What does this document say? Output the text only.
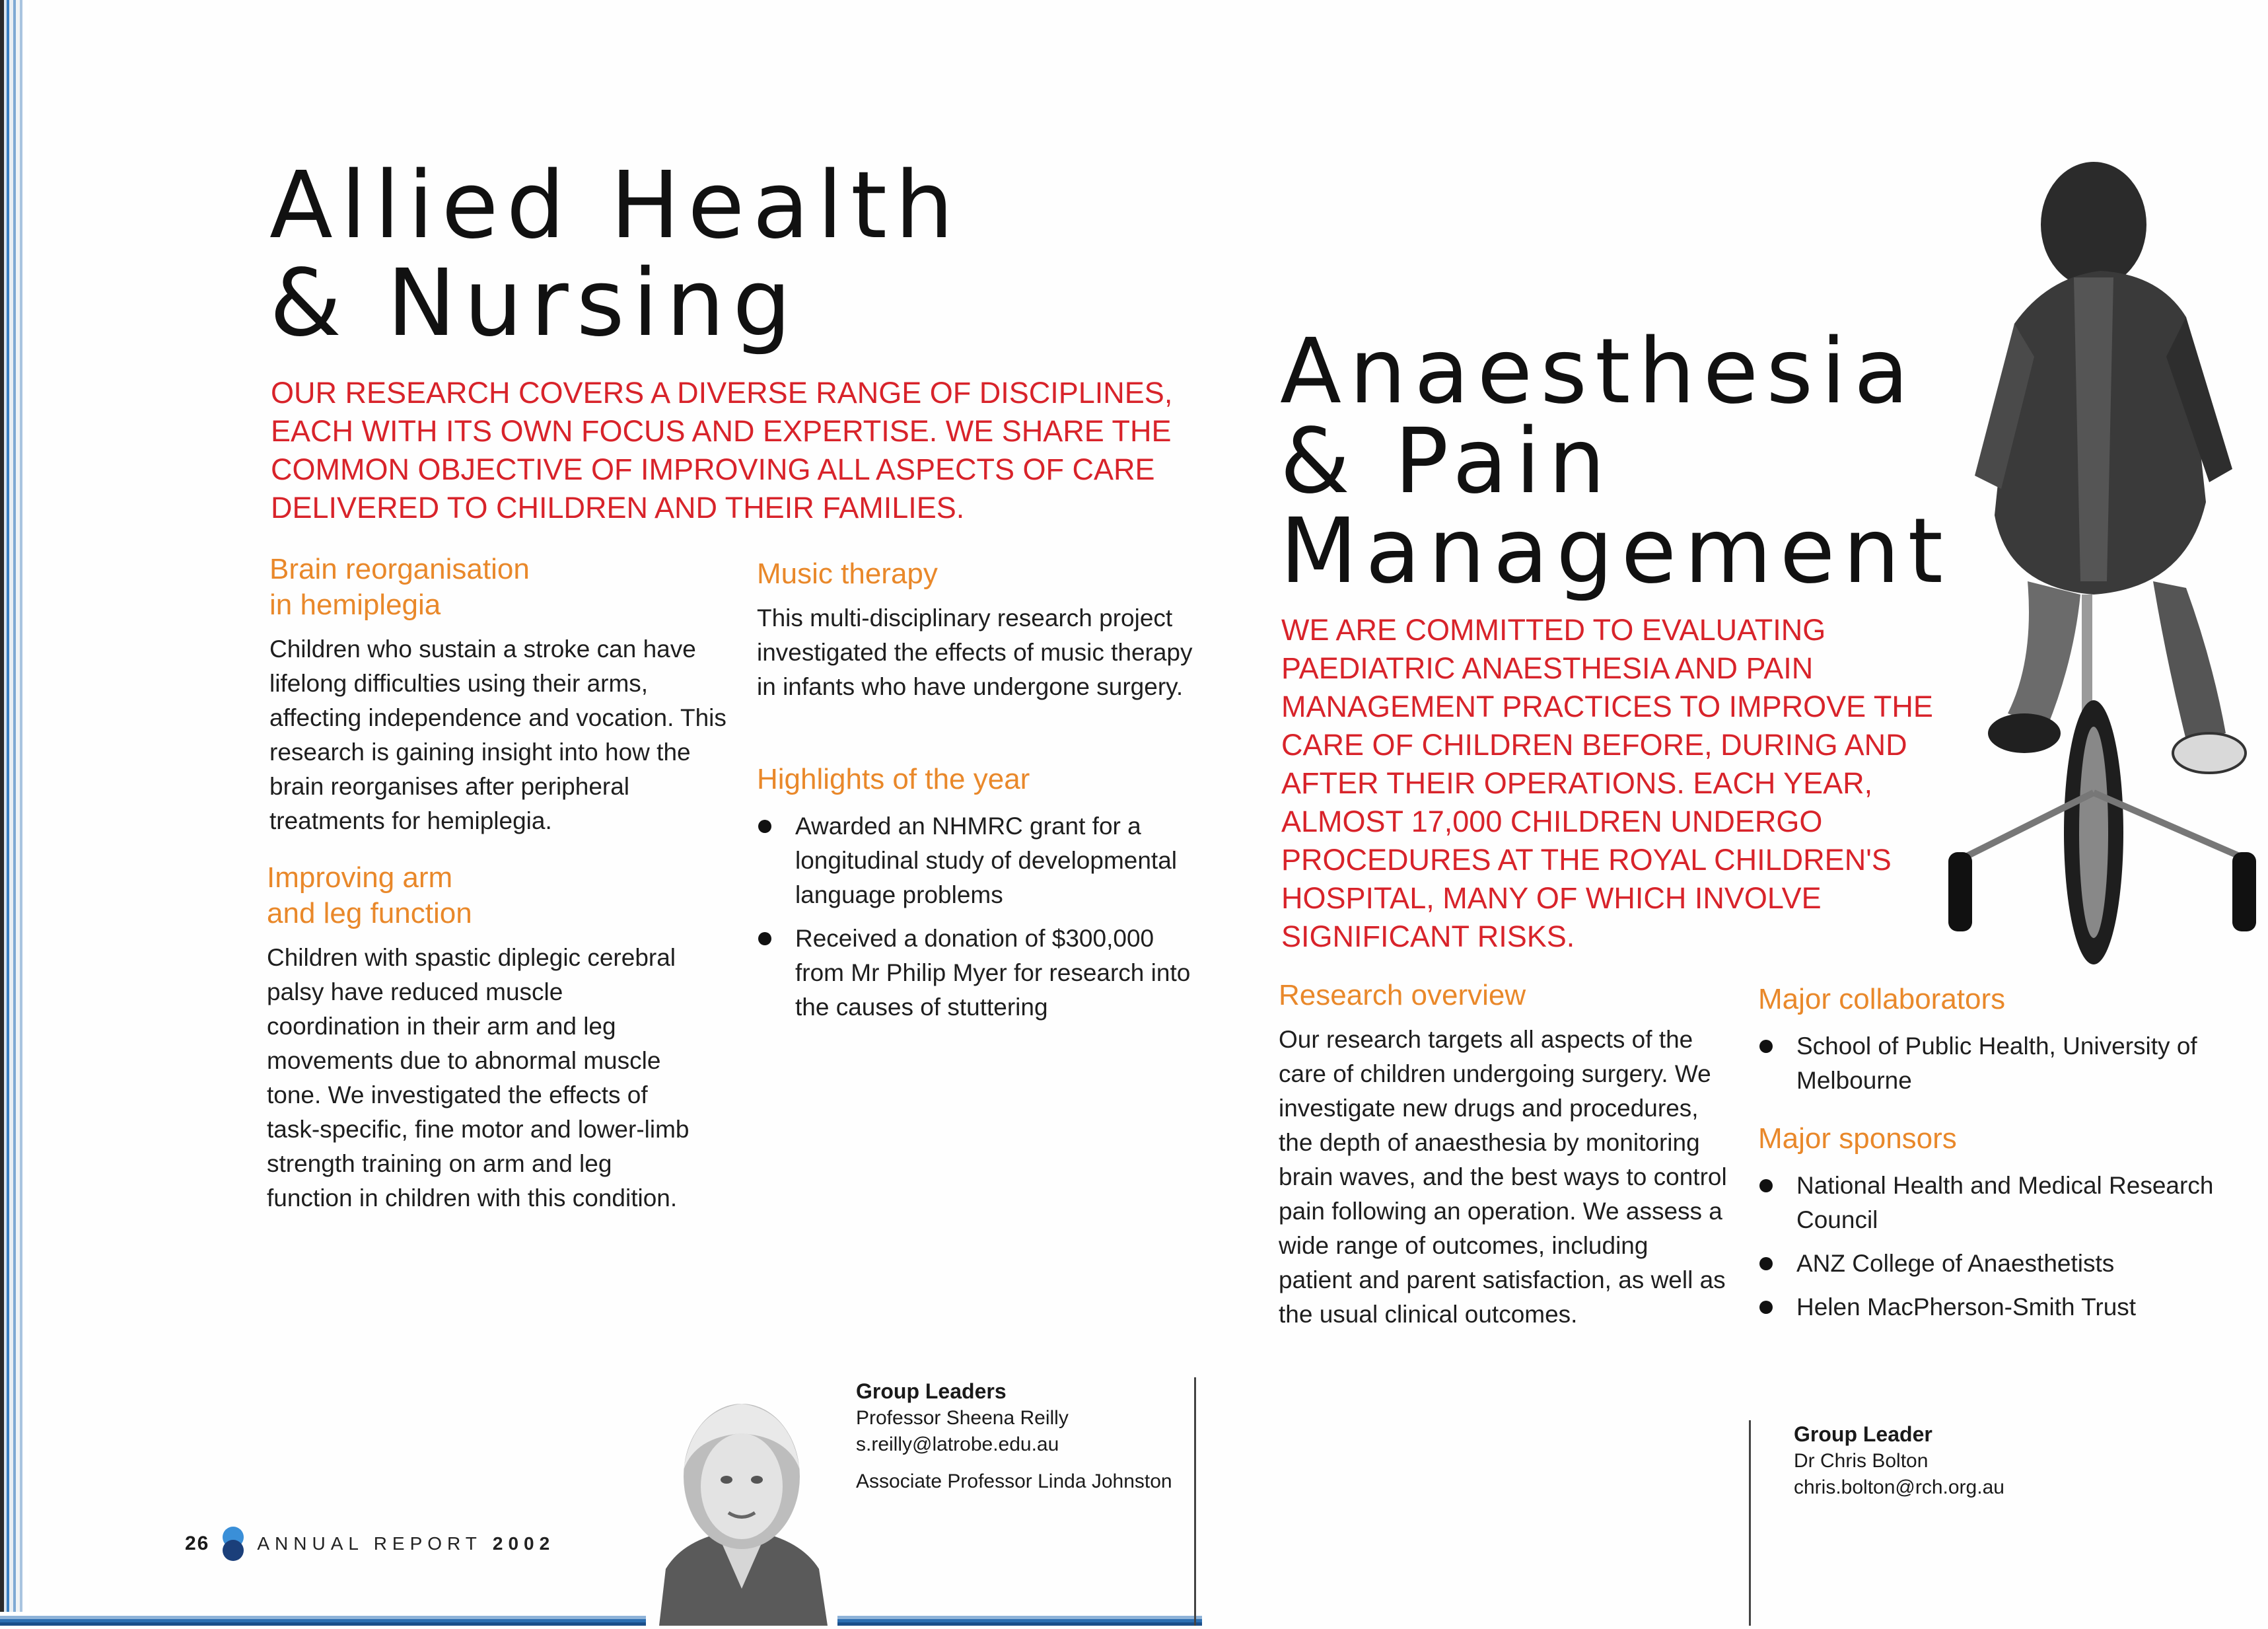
Allied Health
& Nursing

OUR RESEARCH COVERS A DIVERSE RANGE OF DISCIPLINES, EACH WITH ITS OWN FOCUS AND EXPERTISE. WE SHARE THE COMMON OBJECTIVE OF IMPROVING ALL ASPECTS OF CARE DELIVERED TO CHILDREN AND THEIR FAMILIES.

Brain reorganisation
in hemiplegia

Children who sustain a stroke can have lifelong difficulties using their arms, affecting independence and vocation. This research is gaining insight into how the brain reorganises after peripheral treatments for hemiplegia.

Improving arm
and leg function

Children with spastic diplegic cerebral palsy have reduced muscle coordination in their arm and leg movements due to abnormal muscle tone. We investigated the effects of task-specific, fine motor and lower-limb strength training on arm and leg function in children with this condition.

Music therapy

This multi-disciplinary research project investigated the effects of music therapy in infants who have undergone surgery.

Highlights of the year
Awarded an NHMRC grant for a longitudinal study of developmental language problems
Received a donation of $300,000 from Mr Philip Myer for research into the causes of stuttering

Group Leaders

Professor Sheena Reilly

s.reilly@latrobe.edu.au

Associate Professor Linda Johnston

26	ANNUAL REPORT 2002
Anaesthesia
& Pain
Management

WE ARE COMMITTED TO EVALUATING PAEDIATRIC ANAESTHESIA AND PAIN MANAGEMENT PRACTICES TO IMPROVE THE CARE OF CHILDREN BEFORE, DURING AND AFTER THEIR OPERATIONS. EACH YEAR, ALMOST 17,000 CHILDREN UNDERGO PROCEDURES AT THE ROYAL CHILDREN'S HOSPITAL, MANY OF WHICH INVOLVE SIGNIFICANT RISKS.

Research overview

Our research targets all aspects of the care of children undergoing surgery. We investigate new drugs and procedures, the depth of anaesthesia by monitoring brain waves, and the best ways to control pain following an operation. We assess a wide range of outcomes, including patient and parent satisfaction, as well as the usual clinical outcomes.

Major collaborators
School of Public Health, University of Melbourne
Major sponsors
National Health and Medical Research Council
ANZ College of Anaesthetists
Helen MacPherson-Smith Trust

Group Leader

Dr Chris Bolton

chris.bolton@rch.org.au
